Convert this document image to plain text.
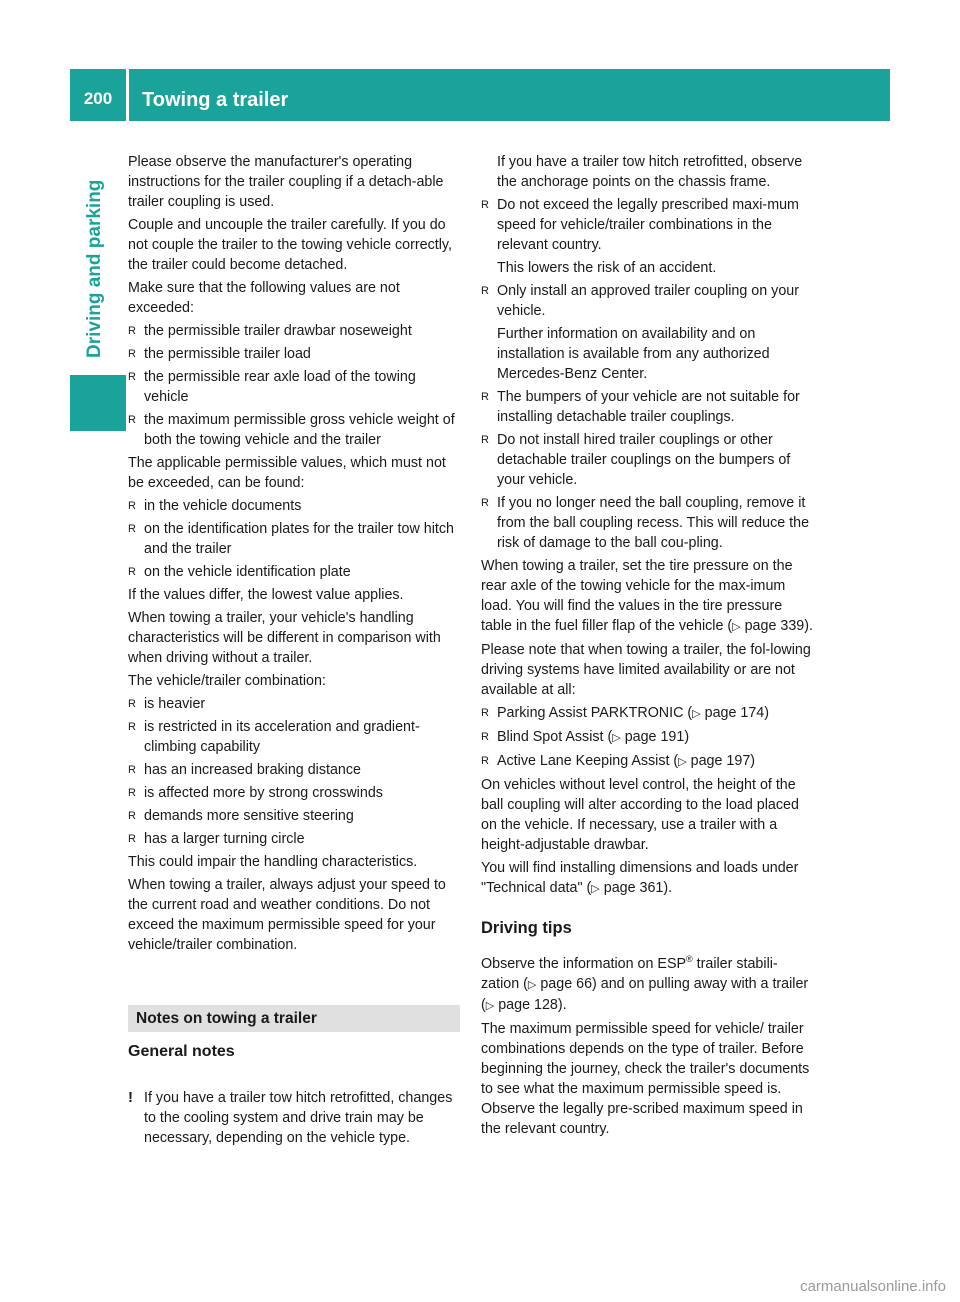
200	Towing a trailer
Driving and parking

Please observe the manufacturer's operating instructions for the trailer coupling if a detach-able trailer coupling is used.

Couple and uncouple the trailer carefully. If you do not couple the trailer to the towing vehicle correctly, the trailer could become detached.

Make sure that the following values are not exceeded:

R the permissible trailer drawbar noseweight
R the permissible trailer load
R the permissible rear axle load of the towing vehicle
R the maximum permissible gross vehicle weight of both the towing vehicle and the trailer

The applicable permissible values, which must not be exceeded, can be found:

R in the vehicle documents
R on the identification plates for the trailer tow hitch and the trailer
R on the vehicle identification plate

If the values differ, the lowest value applies.

When towing a trailer, your vehicle's handling characteristics will be different in comparison with when driving without a trailer.

The vehicle/trailer combination:

R is heavier
R is restricted in its acceleration and gradient-climbing capability
R has an increased braking distance
R is affected more by strong crosswinds
R demands more sensitive steering
R has a larger turning circle

This could impair the handling characteristics.

When towing a trailer, always adjust your speed to the current road and weather conditions. Do not exceed the maximum permissible speed for your vehicle/trailer combination.

Notes on towing a trailer
General notes
! If you have a trailer tow hitch retrofitted, changes to the cooling system and drive train may be necessary, depending on the vehicle type.

If you have a trailer tow hitch retrofitted, observe the anchorage points on the chassis frame.

R Do not exceed the legally prescribed maxi-mum speed for vehicle/trailer combinations in the relevant country.

This lowers the risk of an accident.

R Only install an approved trailer coupling on your vehicle.

Further information on availability and on installation is available from any authorized Mercedes-Benz Center.

R The bumpers of your vehicle are not suitable for installing detachable trailer couplings.
R Do not install hired trailer couplings or other detachable trailer couplings on the bumpers of your vehicle.
R If you no longer need the ball coupling, remove it from the ball coupling recess. This will reduce the risk of damage to the ball cou-pling.

When towing a trailer, set the tire pressure on the rear axle of the towing vehicle for the max-imum load. You will find the values in the tire pressure table in the fuel filler flap of the vehicle (▷ page 339).

Please note that when towing a trailer, the fol-lowing driving systems have limited availability or are not available at all:

R Parking Assist PARKTRONIC (▷ page 174)
R Blind Spot Assist (▷ page 191)
R Active Lane Keeping Assist (▷ page 197)

On vehicles without level control, the height of the ball coupling will alter according to the load placed on the vehicle. If necessary, use a trailer with a height-adjustable drawbar.

You will find installing dimensions and loads under "Technical data" (▷ page 361).

Driving tips

Observe the information on ESP® trailer stabili-zation (▷ page 66) and on pulling away with a trailer (▷ page 128).

The maximum permissible speed for vehicle/ trailer combinations depends on the type of trailer. Before beginning the journey, check the trailer's documents to see what the maximum permissible speed is. Observe the legally pre-scribed maximum speed in the relevant country.

carmanualsonline.info
